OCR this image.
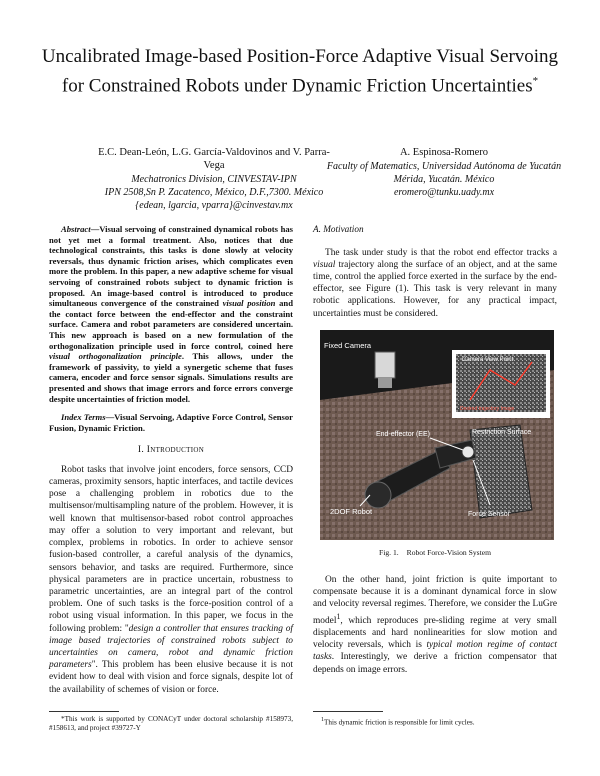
Uncalibrated Image-based Position-Force Adaptive Visual Servoing for Constrained Robots under Dynamic Friction Uncertainties*
E.C. Dean-León, L.G. García-Valdovinos and V. Parra-Vega
Mechatronics Division, CINVESTAV-IPN
IPN 2508,Sn P. Zacatenco, México, D.F.,7300. México
{edean, lgarcia, vparra}@cinvestav.mx
A. Espinosa-Romero
Faculty of Matematics, Universidad Autónoma de Yucatán
Mérida, Yucatán. México
eromero@tunku.uady.mx

Abstract—Visual servoing of constrained dynamical robots has not yet met a formal treatment. Also, notices that due technological constraints, this tasks is done slowly at velocity reversals, thus dynamic friction arises, which complicates even more the problem. In this paper, a new adaptive scheme for visual servoing of constrained robots subject to dynamic friction is proposed. An image-based control is introduced to produce simultaneous convergence of the constrained visual position and the contact force between the end-effector and the constraint surface. Camera and robot parameters are considered uncertain. This new approach is based on a new formulation of the orthogonalization principle used in force control, coined here visual orthogonalization principle. This allows, under the framework of passivity, to yield a synergetic scheme that fuses camera, encoder and force sensor signals. Simulations results are presented and shows that image errors and force errors converge despite uncertainties of friction model.

Index Terms—Visual Servoing, Adaptive Force Control, Sensor Fusion, Dynamic Friction.

I. Introduction

Robot tasks that involve joint encoders, force sensors, CCD cameras, proximity sensors, haptic interfaces, and tactile devices pose a challenging problem in robotics due to the multisensor/multisampling nature of the problem. However, it is well known that multisensor-based robot control approaches may offer a solution to very important and relevant, but complex, problems in robotics. In order to achieve sensor fusion-based controller, a careful analysis of the dynamics, sensors behavior, and tasks are required. Furthermore, since physical parameters are in practice uncertain, robustness to parametric uncertainties, are an integral part of the control problem. One of such tasks is the force-position control of a robot using visual information. In this paper, we focus in the following problem: "design a controller that ensures tracking of image based trajectories of constrained robots subject to uncertainties on camera, robot and dynamic friction parameters". This problem has been elusive because it is not evident how to deal with vision and force signals, despite lot of the availability of schemes of vision or force.

*This work is supported by CONACyT under doctoral scholarship #158973, #158613, and project #39727-Y
A. Motivation

The task under study is that the robot end effector tracks a visual trajectory along the surface of an object, and at the same time, control the applied force exerted in the surface by the end-effector, see Figure (1). This task is very relevant in many robotic applications. However, for any practical impact, uncertainties must be considered.

Fixed Camera
Camera View Point
Desired trajectory Image
End-effector (EE)	Restriction Surface
Force Sensor
2DOF Robot
Fig. 1. Robot Force-Vision System

On the other hand, joint friction is quite important to compensate because it is a dominant dynamical force in slow and velocity reversal regimes. Therefore, we consider the LuGre model$^1$, which reproduces pre-sliding regime at very small displacements and hard nonlinearities for slow motion and velocity reversals, which is typical motion regime of contact tasks. Interestingly, we derive a friction compensator that depends on image errors.

$^1$This dynamic friction is responsible for limit cycles.
